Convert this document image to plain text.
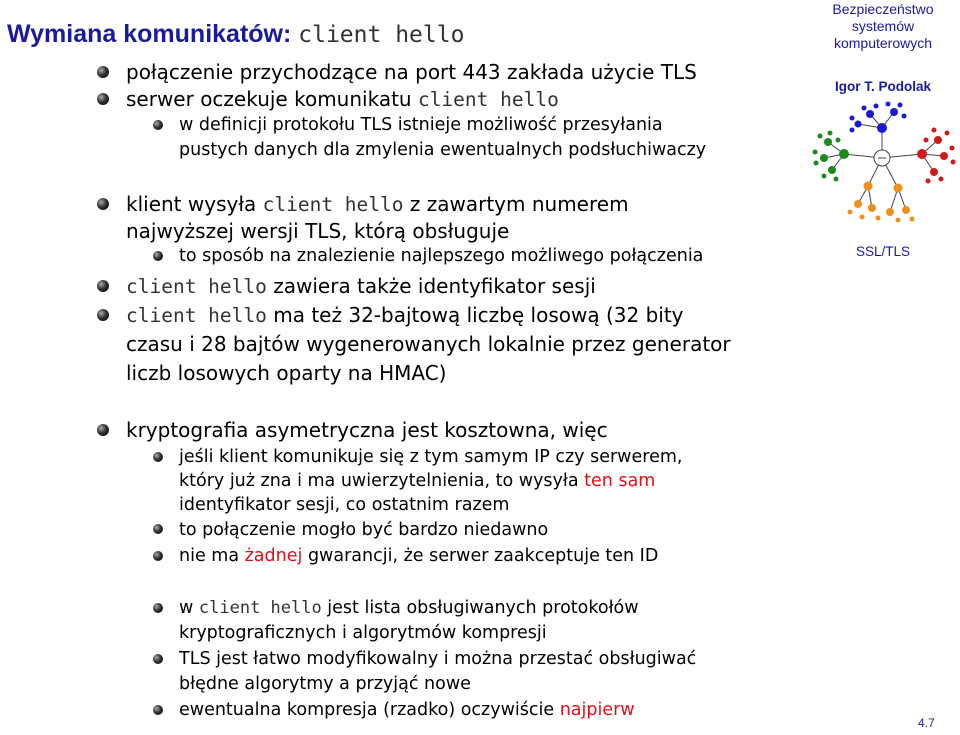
Wymiana komunikatów: client hello
połączenie przychodzące na port 443 zakłada użycie TLS
serwer oczekuje komunikatu client hello
w definicji protokołu TLS istnieje możliwość przesyłania
pustych danych dla zmylenia ewentualnych podsłuchiwaczy
klient wysyła client hello z zawartym numerem
najwyższej wersji TLS, którą obsługuje
to sposób na znalezienie najlepszego możliwego połączenia
client hello zawiera także identyfikator sesji
client hello ma też 32-bajtową liczbę losową (32 bity
czasu i 28 bajtów wygenerowanych lokalnie przez generator
liczb losowych oparty na HMAC)
kryptografia asymetryczna jest kosztowna, więc
jeśli klient komunikuje się z tym samym IP czy serwerem,
który już zna i ma uwierzytelnienia, to wysyła ten sam
identyfikator sesji, co ostatnim razem
to połączenie mogło być bardzo niedawno
nie ma żadnej gwarancji, że serwer zaakceptuje ten ID
w client hello jest lista obsługiwanych protokołów
kryptograficznych i algorytmów kompresji
TLS jest łatwo modyfikowalny i można przestać obsługiwać
błędne algorytmy a przyjąć nowe
ewentualna kompresja (rzadko) oczywiście najpierw
Bezpieczeństwo
systemów
komputerowych
Igor T. Podolak
SSL/TLS
4.7
